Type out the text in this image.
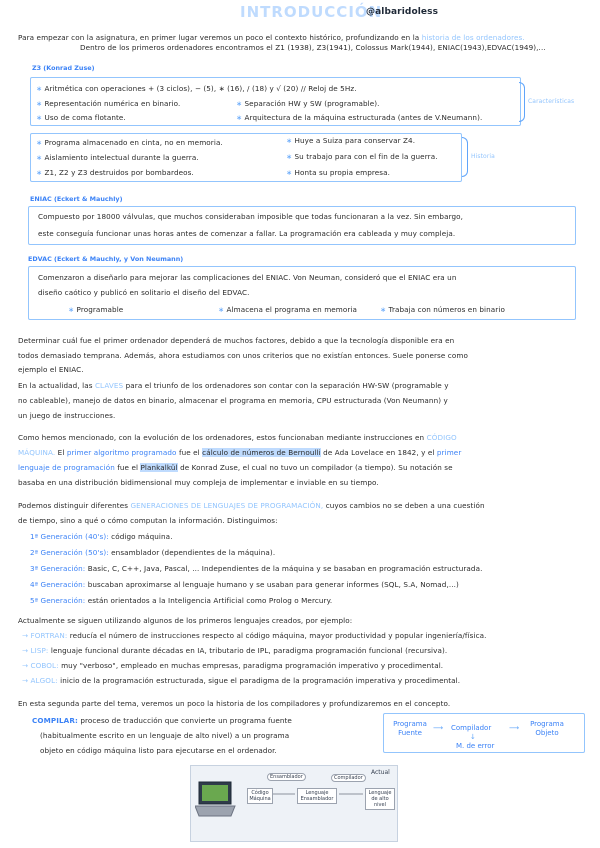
INTRODUCCIÓN
@albaridoless
Para empezar con la asignatura, en primer lugar veremos un poco el contexto histórico, profundizando en la historia de los ordenadores.
Dentro de los primeros ordenadores encontramos el Z1 (1938), Z3(1941), Colossus Mark(1944), ENIAC(1943),EDVAC(1949),...
Z3 (Konrad Zuse)
∗ Aritmética con operaciones + (3 ciclos), − (5), ∗ (16), / (18) y √ (20) // Reloj de 5Hz.
∗ Representación numérica en binario.	∗ Separación HW y SW (programable).
∗ Uso de coma flotante.	∗ Arquitectura de la máquina estructurada (antes de V.Neumann).
Características
∗ Programa almacenado en cinta, no en memoria.	∗ Huye a Suiza para conservar Z4.
∗ Aislamiento intelectual durante la guerra.	∗ Su trabajo para con el fin de la guerra.
∗ Z1, Z2 y Z3 destruidos por bombardeos.	∗ Honta su propia empresa.
Historia
ENIAC (Eckert & Mauchly)
Compuesto por 18000 válvulas, que muchos consideraban imposible que todas funcionaran a la vez. Sin embargo,
este conseguía funcionar unas horas antes de comenzar a fallar. La programación era cableada y muy compleja.
EDVAC (Eckert & Mauchly, y Von Neumann)
Comenzaron a diseñarlo para mejorar las complicaciones del ENIAC. Von Neuman, consideró que el ENIAC era un
diseño caótico y publicó en solitario el diseño del EDVAC.
∗ Programable	∗ Almacena el programa en memoria	∗ Trabaja con números en binario
Determinar cuál fue el primer ordenador dependerá de muchos factores, debido a que la tecnología disponible era en
todos demasiado temprana. Además, ahora estudiamos con unos criterios que no existían entonces. Suele ponerse como
ejemplo el ENIAC.
En la actualidad, las CLAVES para el triunfo de los ordenadores son contar con la separación HW-SW (programable y
no cableable), manejo de datos en binario, almacenar el programa en memoria, CPU estructurada (Von Neumann) y
un juego de instrucciones.
Como hemos mencionado, con la evolución de los ordenadores, estos funcionaban mediante instrucciones en CÓDIGO
MÁQUINA. El primer algoritmo programado fue el cálculo de números de Bernoulli de Ada Lovelace en 1842, y el primer
lenguaje de programación fue el Plankalkül de Konrad Zuse, el cual no tuvo un compilador (a tiempo). Su notación se
basaba en una distribución bidimensional muy compleja de implementar e inviable en su tiempo.
Podemos distinguir diferentes GENERACIONES DE LENGUAJES DE PROGRAMACIÓN, cuyos cambios no se deben a una cuestión
de tiempo, sino a qué o cómo computan la información. Distinguimos:
1ª Generación (40's): código máquina.
2ª Generación (50's): ensamblador (dependientes de la máquina).
3ª Generación: Basic, C, C++, Java, Pascal, ... Independientes de la máquina y se basaban en programación estructurada.
4ª Generación: buscaban aproximarse al lenguaje humano y se usaban para generar informes (SQL, S.A, Nomad,...)
5ª Generación: están orientados a la Inteligencia Artificial como Prolog o Mercury.
Actualmente se siguen utilizando algunos de los primeros lenguajes creados, por ejemplo:
→ FORTRAN: reducía el número de instrucciones respecto al código máquina, mayor productividad y popular ingeniería/física.
→ LISP: lenguaje funcional durante décadas en IA, tributario de IPL, paradigma programación funcional (recursiva).
→ COBOL: muy "verboso", empleado en muchas empresas, paradigma programación imperativo y procedimental.
→ ALGOL: inicio de la programación estructurada, sigue el paradigma de la programación imperativa y procedimental.
En esta segunda parte del tema, veremos un poco la historia de los compiladores y profundizaremos en el concepto.
COMPILAR: proceso de traducción que convierte un programa fuente
(habitualmente escrito en un lenguaje de alto nivel) a un programa
objeto en código máquina listo para ejecutarse en el ordenador.
Programa Fuente
⟶ Compilador	⟶	Programa Objeto
↓
M. de error
Ensamblador
Código Máquina
Lenguaje Ensamblador
Compilador
Actual
Lenguaje de alto nivel
